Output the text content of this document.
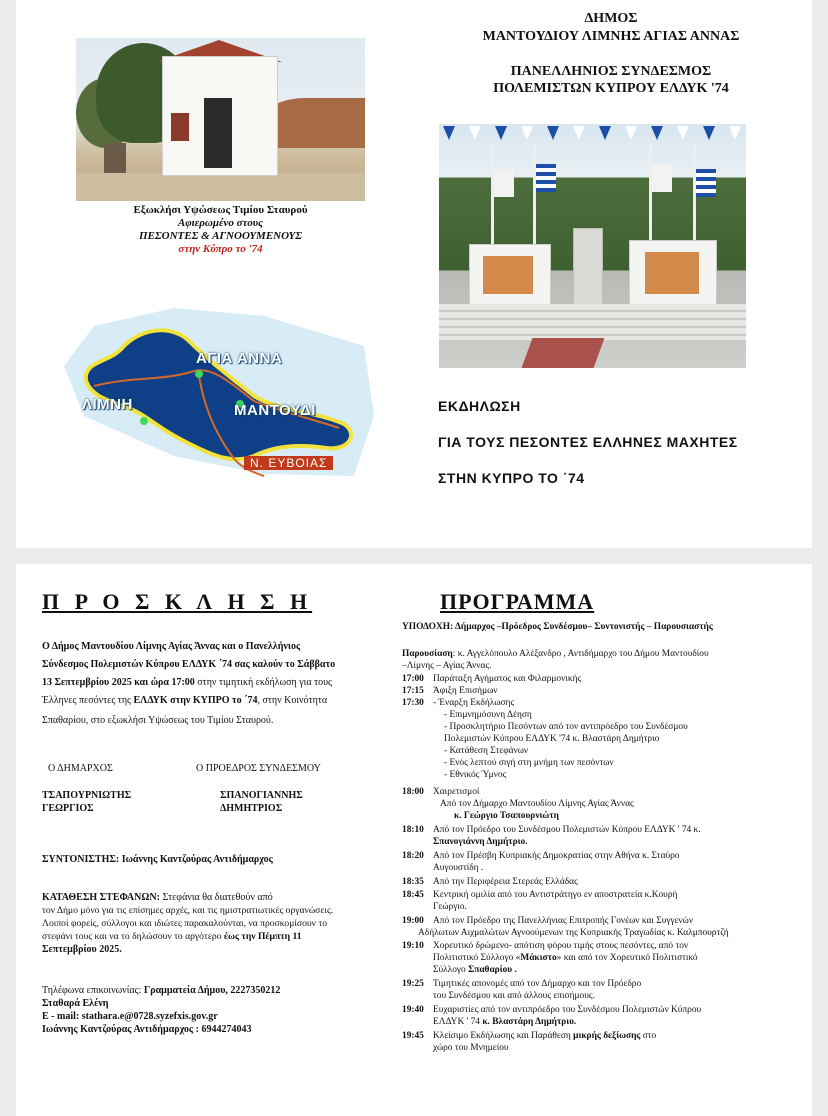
Εξωκλήσι Υψώσεως Τιμίου Σταυρού
Αφιερωμένο στους
ΠΕΣΟΝΤΕΣ & ΑΓΝΟΟΥΜΕΝΟΥΣ
στην Κύπρο το '74
ΑΓΙΑ ΑΝΝΑ
ΛΙΜΝΗ	ΜΑΝΤΟΥΔΙ
Ν. ΕΥΒΟΙΑΣ
ΔΗΜΟΣ
ΜΑΝΤΟΥΔΙΟΥ ΛΙΜΝΗΣ ΑΓΙΑΣ ΑΝΝΑΣ
ΠΑΝΕΛΛΗΝΙΟΣ ΣΥΝΔΕΣΜΟΣ
ΠΟΛΕΜΙΣΤΩΝ ΚΥΠΡΟΥ ΕΛΔΥΚ '74
ΕΚΔΗΛΩΣΗ
ΓΙΑ ΤΟΥΣ ΠΕΣΟΝΤΕΣ ΕΛΛΗΝΕΣ ΜΑΧΗΤΕΣ
ΣΤΗΝ ΚΥΠΡΟ ΤΟ ΄74
Π Ρ Ο Σ Κ Λ Η Σ Η	ΠΡΟΓΡΑΜΜΑ
Ο Δήμος Μαντουδίου Λίμνης Αγίας Άννας και ο Πανελλήνιος
Σύνδεσμος Πολεμιστών Κύπρου ΕΛΔΥΚ ΄74 σας καλούν το Σάββατο
13 Σεπτεμβρίου 2025 και ώρα 17:00 στην τιμητική εκδήλωση για τους
Έλληνες πεσόντες της ΕΛΔΥΚ στην ΚΥΠΡΟ το ΄74, στην Κοινότητα
Σπαθαρίου, στο εξωκλήσι Υψώσεως του Τιμίου Σταυρού.
Ο ΔΗΜΑΡΧΟΣ
ΤΣΑΠΟΥΡΝΙΩΤΗΣ
ΓΕΩΡΓΙΟΣ
Ο ΠΡΟΕΔΡΟΣ ΣΥΝΔΕΣΜΟΥ
ΣΠΑΝΟΓΙΑΝΝΗΣ
ΔΗΜΗΤΡΙΟΣ
ΣΥΝΤΟΝΙΣΤΗΣ: Ιωάννης Καντζούρας Αντιδήμαρχος
ΚΑΤΑΘΕΣΗ ΣΤΕΦΑΝΩΝ: Στεφάνια θα διατεθούν από
τον Δήμο μόνο για τις επίσημες αρχές, και τις ημιστρατιωτικές οργανώσεις.
Λοιποί φορείς, σύλλογοι και ιδιώτες παρακαλούνται, να προσκομίσουν το
στεφάνι τους και να το δηλώσουν το αργότερο έως την Πέμπτη 11
Σεπτεμβρίου 2025.
Τηλέφωνα επικοινωνίας: Γραμματεία Δήμου, 2227350212
Σταθαρά Ελένη
E - mail: stathara.e@0728.syzefxis.gov.gr
Ιωάννης Καντζούρας Αντιδήμαρχος : 6944274043
ΥΠΟΔΟΧΗ: Δήμαρχος –Πρόεδρος Συνδέσμου– Συντονιστής – Παρουσιαστής
Παρουσίαση: κ. Αγγελόπουλο Αλέξανδρο , Αντιδήμαρχο του Δήμου Μαντουδίου
–Λίμνης – Αγίας Άννας.
17:00 Παράταξη Αγήματος και Φιλαρμονικής
17:15 Άφιξη Επισήμων
17:30 - Έναρξη Εκδήλωσης
- Επιμνημόσυνη Δέηση
- Προσκλητήριο Πεσόντων από τον αντιπρόεδρο του Συνδέσμου
Πολεμιστών Κύπρου ΕΛΔΥΚ '74 κ. Βλαστάρη Δημήτριο
- Κατάθεση Στεφάνων
- Ενός λεπτού σιγή στη μνήμη των πεσόντων
- Εθνικός Ύμνος
18:00 Χαιρετισμοί
Από τον Δήμαρχο Μαντουδίου Λίμνης Αγίας Άννας
κ. Γεώργιο Τσαπουρνιώτη
18:10 Από τον Πρόεδρο του Συνδέσμου Πολεμιστών Κύπρου ΕΛΔΥΚ ' 74 κ.
Σπανογιάννη Δημήτριο.
18:20 Από τον Πρέσβη Κυπριακής Δημοκρατίας στην Αθήνα κ. Σταύρο
Αυγουστίδη .
18:35 Από την Περιφέρεια Στερεάς Ελλάδας
18:45 Κεντρική ομιλία από του Αντιστράτηγο εν αποστρατεία κ.Κουρή
Γεώργιο.
19:00 Από τον Πρόεδρο της Πανελλήνιας Επιτροπής Γονέων και Συγγενών
Αδήλωτων Αιχμαλώτων Αγνοούμενων της Κυπριακής Τραγωδίας κ. Καλμπουρτζή
19:10 Χορευτικό δρώμενο- απότιση φόρου τιμής στους πεσόντες, από τον
Πολιτιστικό Σύλλογο «Μάκιστο» και από τον Χορευτικό Πολιτιστικό
Σύλλογο Σπαθαρίου .
19:25 Τιμητικές απονομές από τον Δήμαρχο και τον Πρόεδρο
του Συνδέσμου και από άλλους επισήμους.
19:40 Ευχαριστίες από τον αντιπρόεδρο του Συνδέσμου Πολεμιστών Κύπρου
ΕΛΔΥΚ ' 74 κ. Βλαστάρη Δημήτριο.
19:45 Κλείσιμο Εκδήλωσης και Παράθεση μικρής δεξίωσης στο
χώρο του Μνημείου
